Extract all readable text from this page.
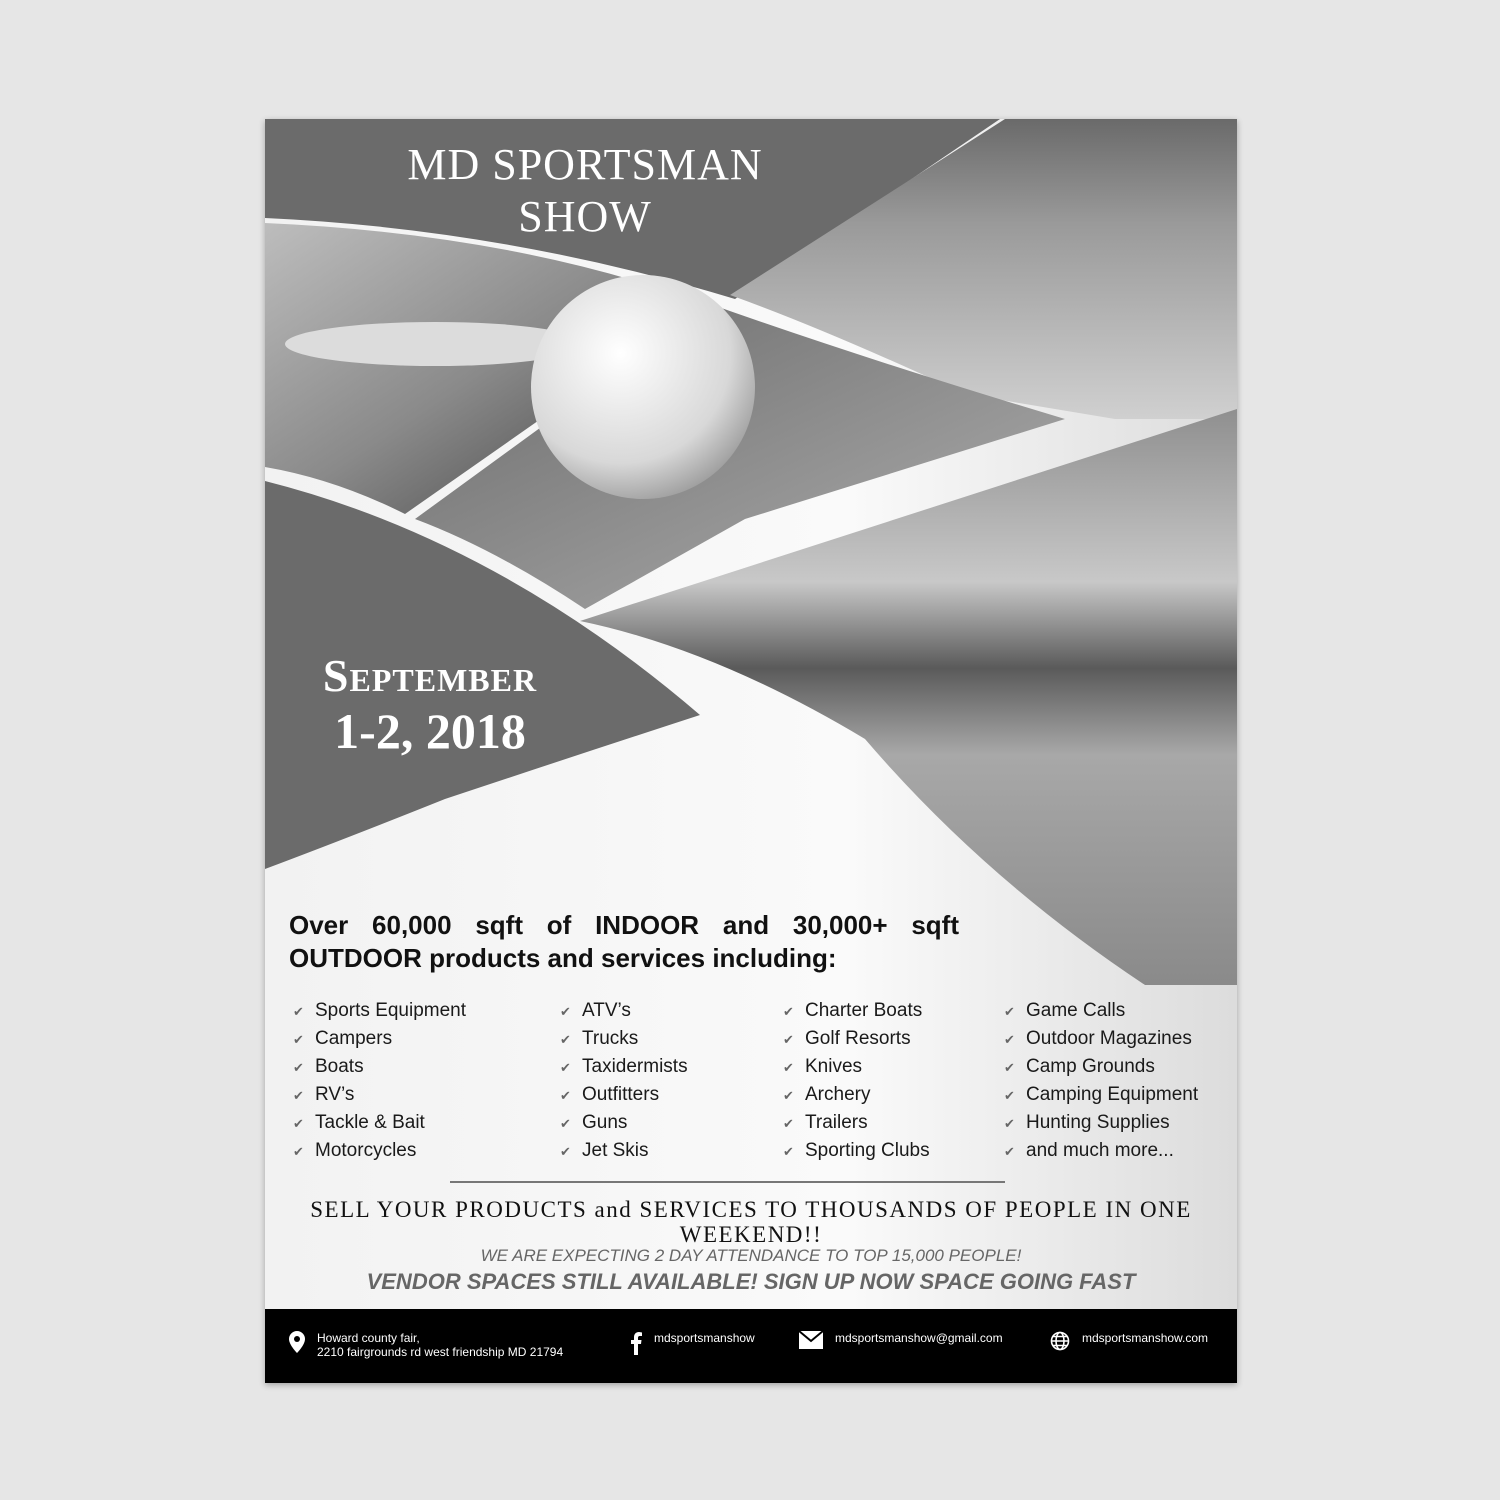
MD SPORTSMAN
SHOW
September
1-2, 2018
Over 60,000 sqft of INDOOR and 30,000+ sqft OUTDOOR products and services including:
✔ Sports Equipment
✔ Campers
✔ Boats
✔ RV’s
✔ Tackle & Bait
✔ Motorcycles
✔ ATV’s
✔ Trucks
✔ Taxidermists
✔ Outfitters
✔ Guns
✔ Jet Skis
✔ Charter Boats
✔ Golf Resorts
✔ Knives
✔ Archery
✔ Trailers
✔ Sporting Clubs
✔ Game Calls
✔ Outdoor Magazines
✔ Camp Grounds
✔ Camping Equipment
✔ Hunting Supplies
✔ and much more...
SELL YOUR PRODUCTS and SERVICES TO THOUSANDS OF PEOPLE IN ONE WEEKEND!!
WE ARE EXPECTING 2 DAY ATTENDANCE TO TOP 15,000 PEOPLE!
VENDOR SPACES STILL AVAILABLE! SIGN UP NOW SPACE GOING FAST
Howard county fair,
2210 fairgrounds rd west friendship MD 21794
mdsportsmanshow	mdsportsmanshow@gmail.com	mdsportsmanshow.com
